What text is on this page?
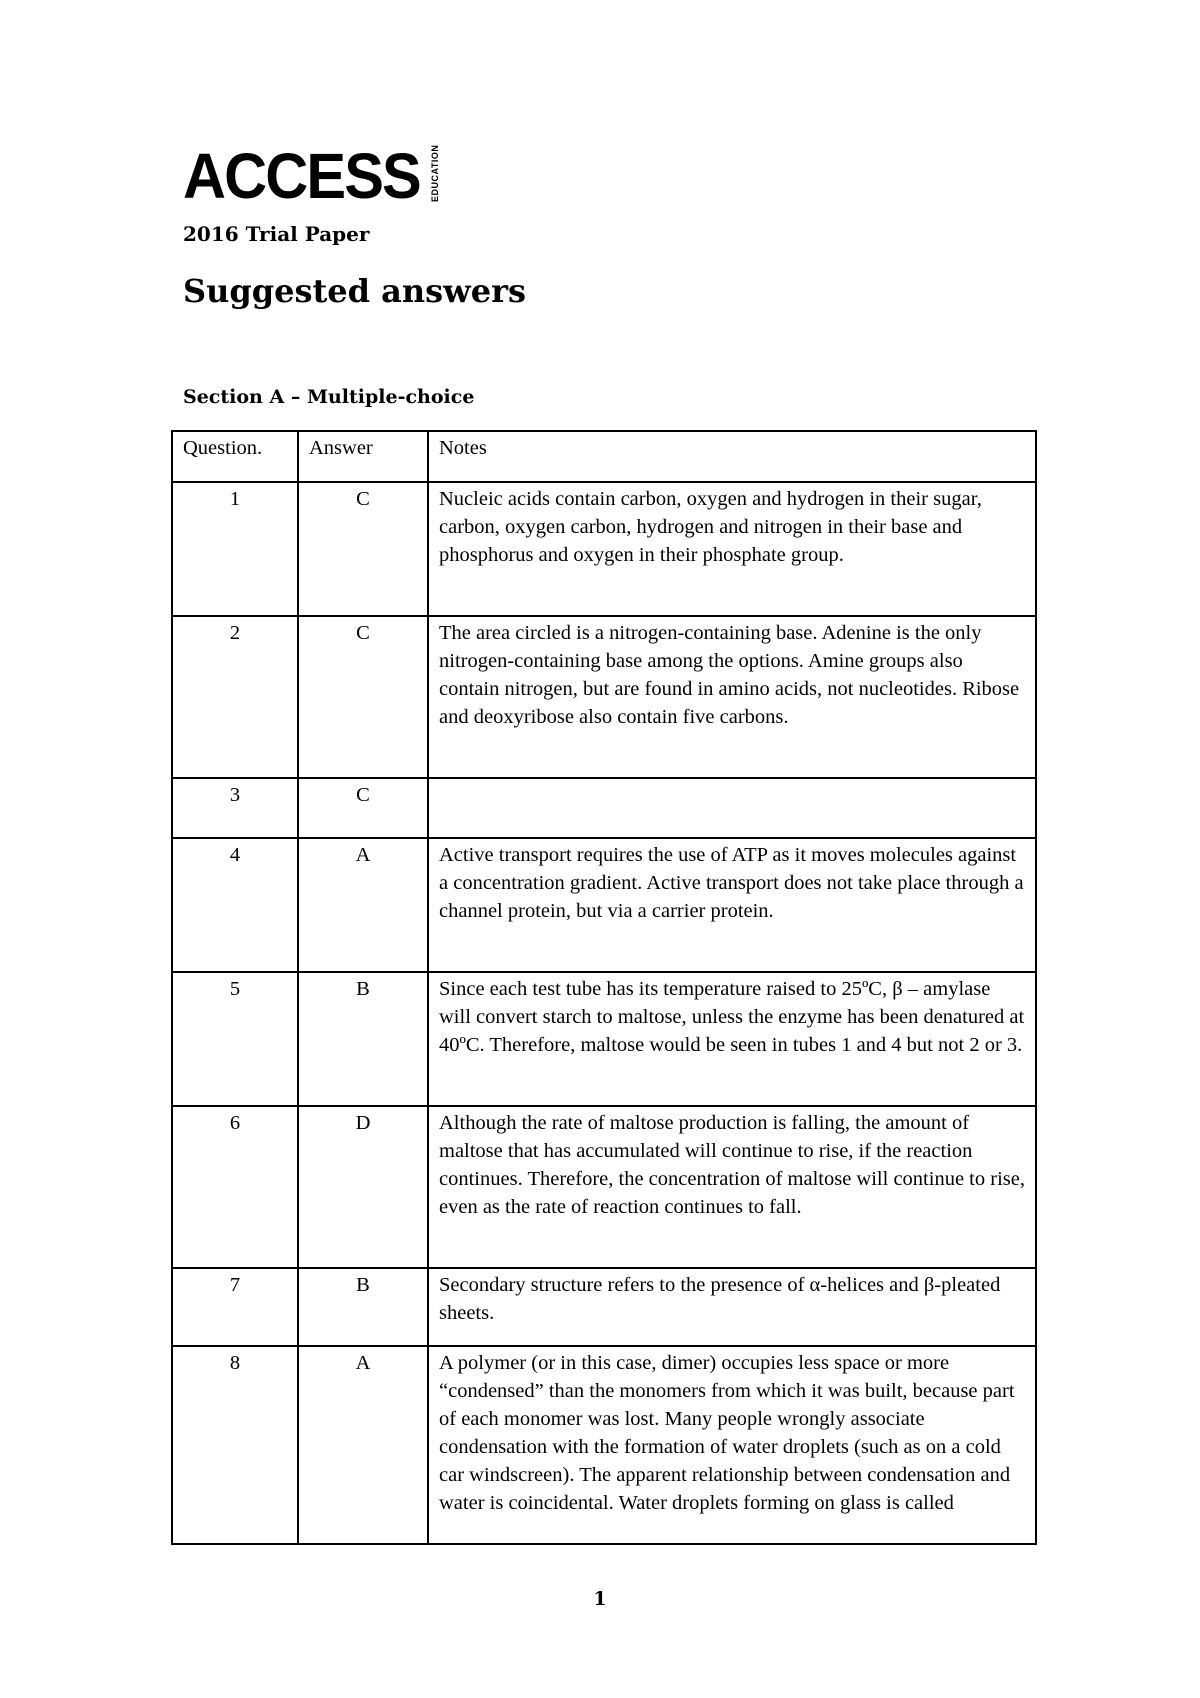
ACCESS EDUCATION
2016 Trial Paper
Suggested answers
Section A – Multiple-choice
Question.	Answer	Notes
1	C	Nucleic acids contain carbon, oxygen and hydrogen in their sugar, carbon, oxygen carbon, hydrogen and nitrogen in their base and phosphorus and oxygen in their phosphate group.
2	C	The area circled is a nitrogen-containing base. Adenine is the only nitrogen-containing base among the options. Amine groups also contain nitrogen, but are found in amino acids, not nucleotides. Ribose and deoxyribose also contain five carbons.
3	C	
4	A	Active transport requires the use of ATP as it moves molecules against a concentration gradient. Active transport does not take place through a channel protein, but via a carrier protein.
5	B	Since each test tube has its temperature raised to 25ºC, β – amylase will convert starch to maltose, unless the enzyme has been denatured at 40ºC. Therefore, maltose would be seen in tubes 1 and 4 but not 2 or 3.
6	D	Although the rate of maltose production is falling, the amount of maltose that has accumulated will continue to rise, if the reaction continues. Therefore, the concentration of maltose will continue to rise, even as the rate of reaction continues to fall.
7	B	Secondary structure refers to the presence of α-helices and β-pleated sheets.
8	A	A polymer (or in this case, dimer) occupies less space or more “condensed” than the monomers from which it was built, because part of each monomer was lost. Many people wrongly associate condensation with the formation of water droplets (such as on a cold car windscreen). The apparent relationship between condensation and water is coincidental. Water droplets forming on glass is called
1
